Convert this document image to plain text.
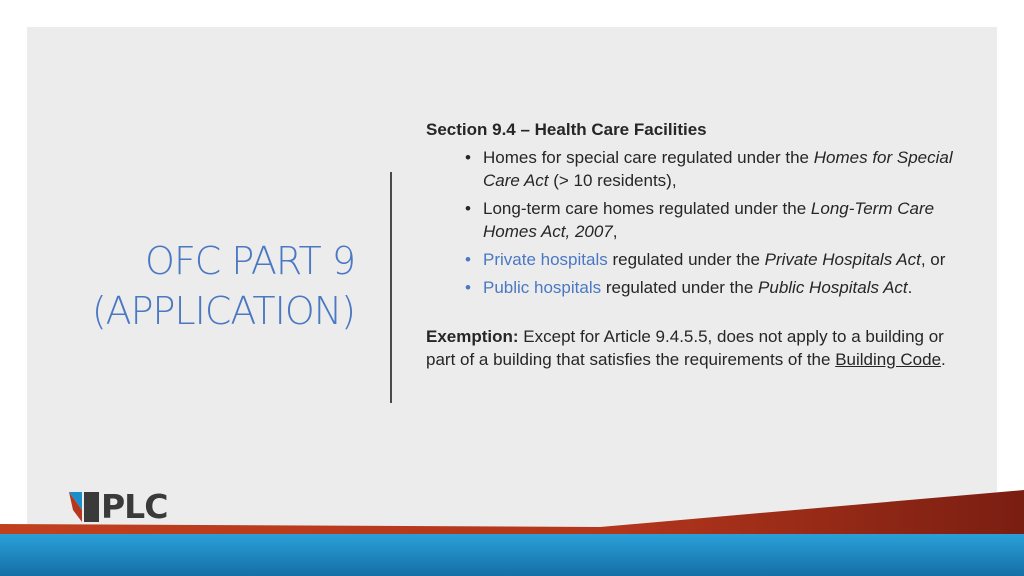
OFC PART 9
(APPLICATION)
Section 9.4 – Health Care Facilities
• Homes for special care regulated under the Homes for Special Care Act (> 10 residents),
• Long-term care homes regulated under the Long-Term Care Homes Act, 2007,
• Private hospitals regulated under the Private Hospitals Act, or
• Public hospitals regulated under the Public Hospitals Act.
Exemption: Except for Article 9.4.5.5, does not apply to a building or part of a building that satisfies the requirements of the Building Code.
PLC
